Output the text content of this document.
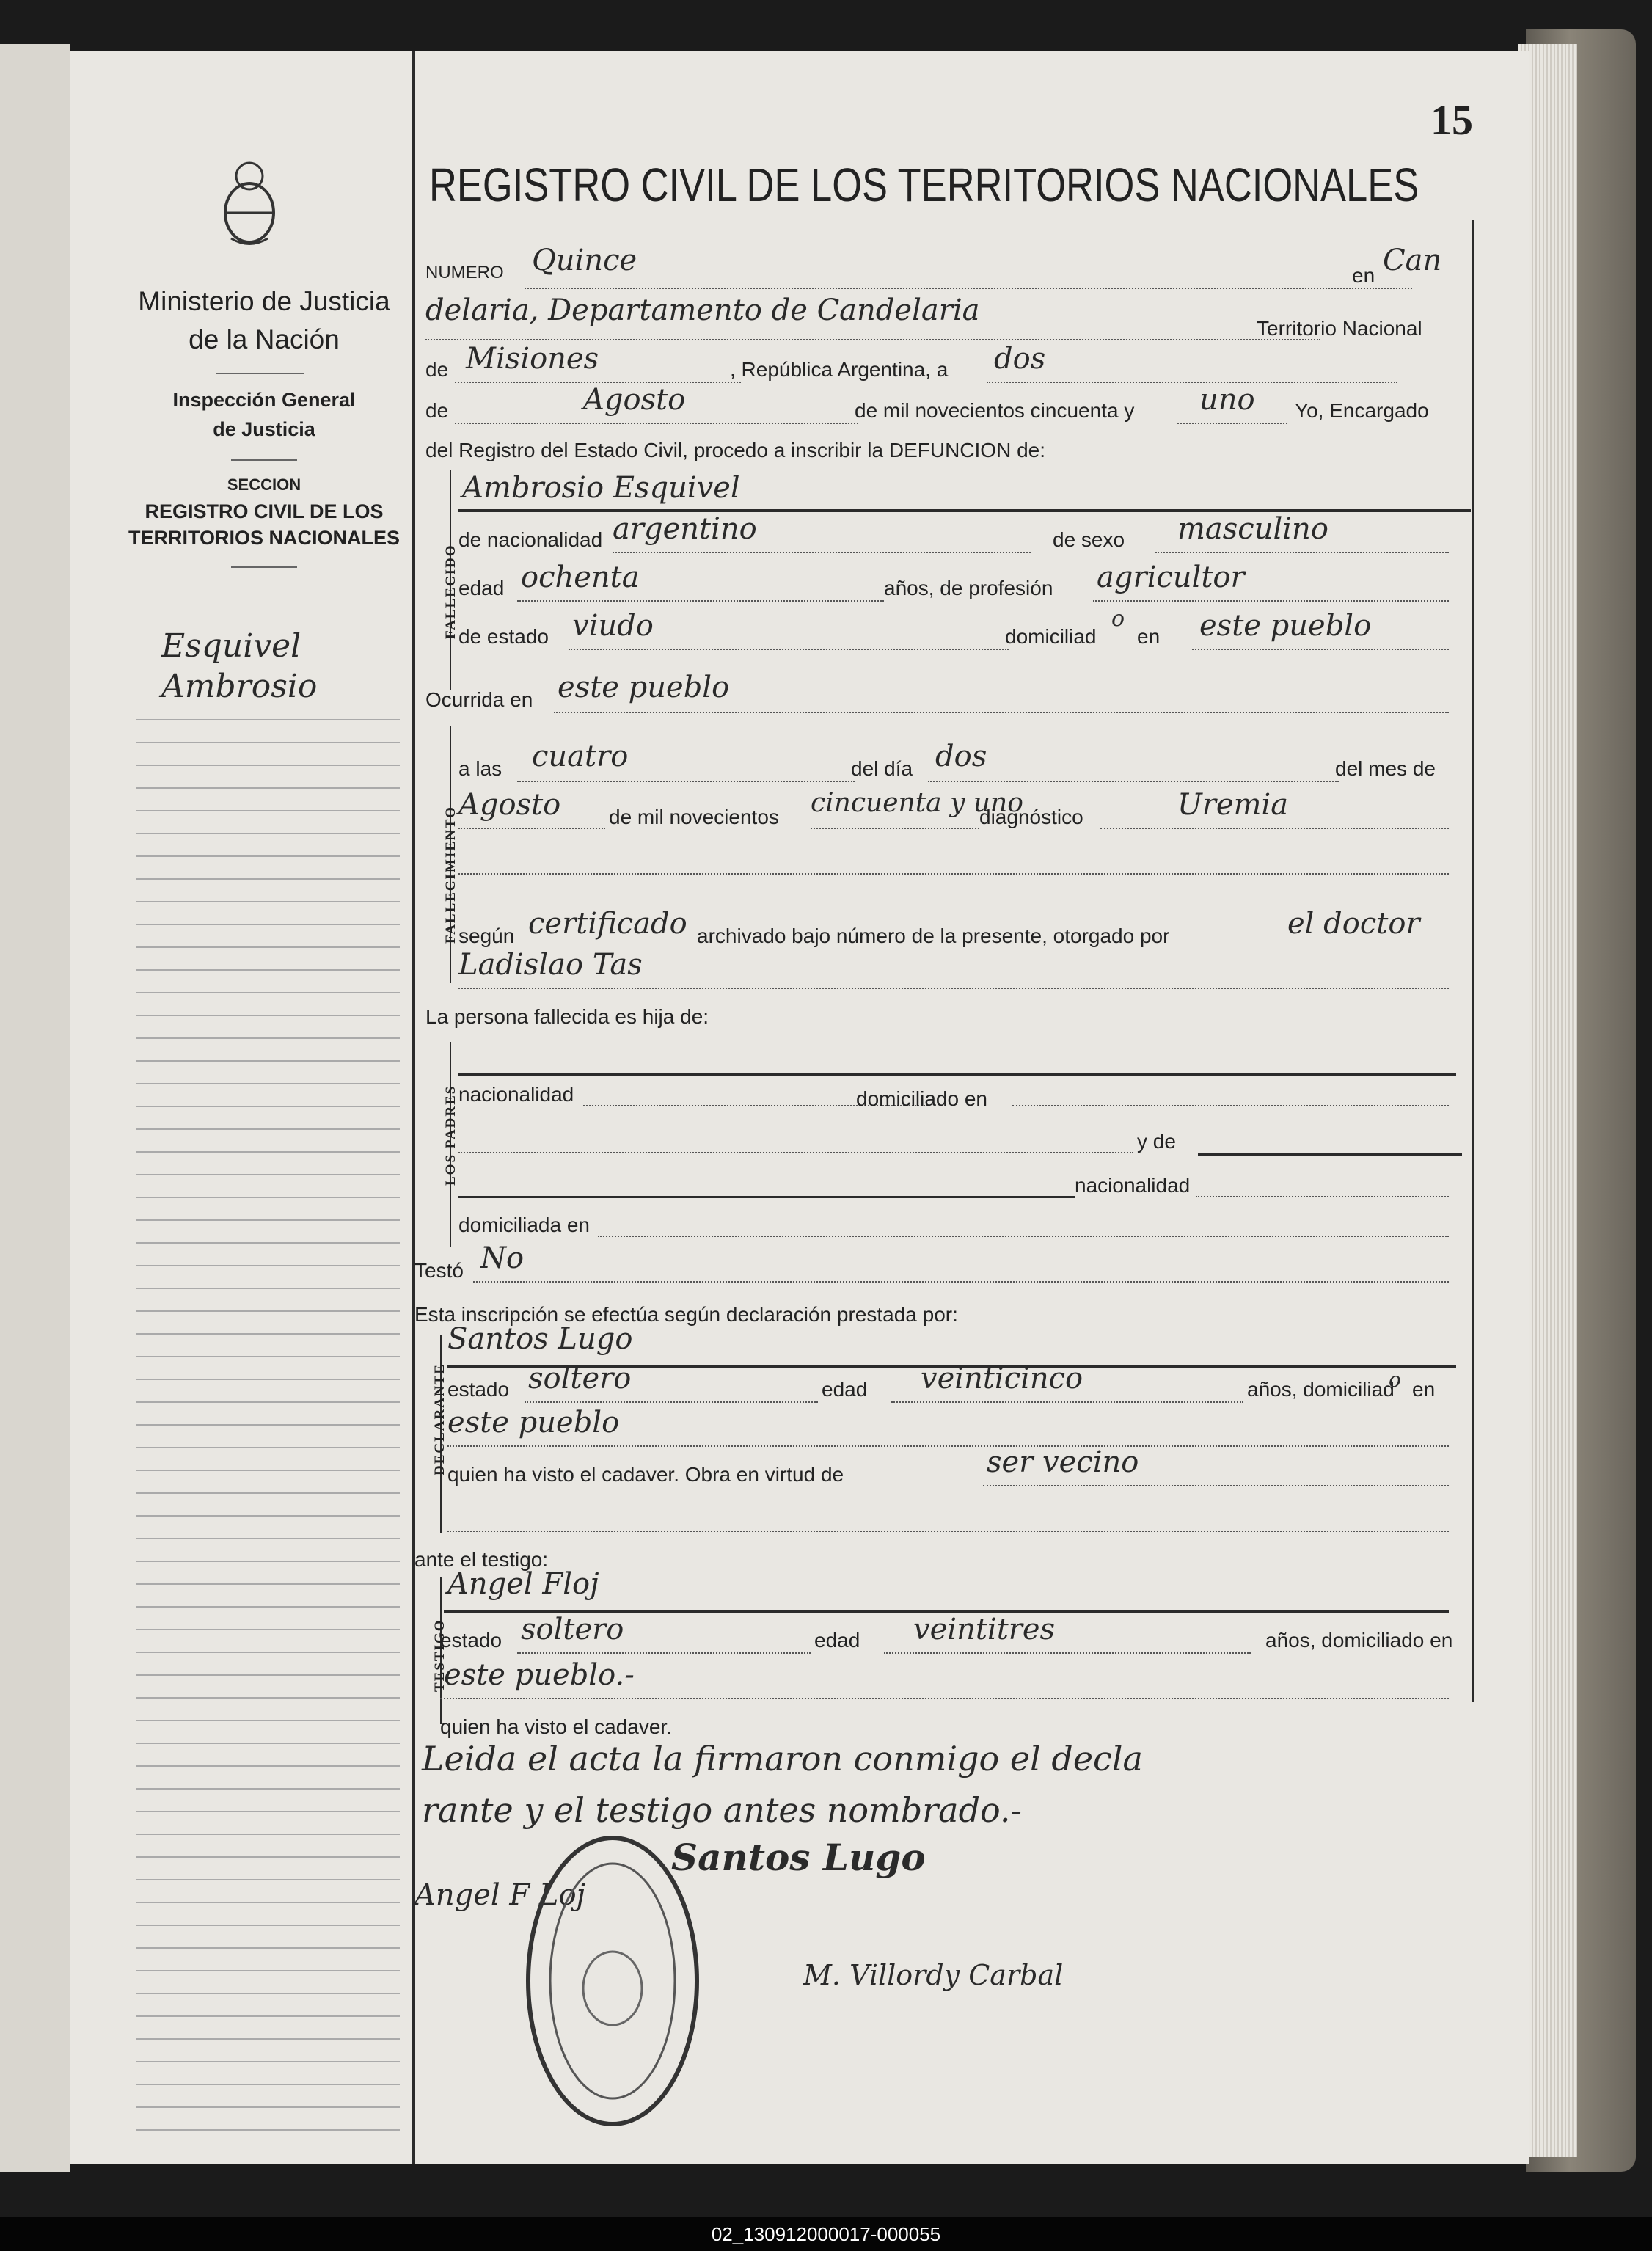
15
Ministerio de Justicia
de la Nación
Inspección General
de Justicia
SECCION
REGISTRO CIVIL DE LOS
TERRITORIOS NACIONALES
Esquivel
Ambrosio
REGISTRO CIVIL DE LOS TERRITORIOS NACIONALES
NUMERO Quince	en Can
delaria, Departamento de Candelaria
Territorio Nacional
de Misiones	, República Argentina, a dos
de	Agosto	de mil novecientos cincuenta y uno Yo, Encargado
del Registro del Estado Civil, procedo a inscribir la DEFUNCION de:
FALLECIDO
Ambrosio Esquivel
de nacionalidad argentino	de sexo masculino
edad ochenta	años, de profesión agricultor
de estado viudo	domiciliad
o
en este pueblo
Ocurrida en este pueblo
FALLECIMIENTO
a las cuatro	del día dos	del mes de
Agosto de mil novecientos cincuenta y uno
diagnóstico	Uremia
según certificado archivado bajo número de la presente, otorgado por	el doctor
Ladislao Tas
La persona fallecida es hija de:
LOS PADRES nacionalidad	domiciliado en
y de
nacionalidad
domiciliada en
Testó No
Esta inscripción se efectúa según declaración prestada por:
DECLARANTE
Santos Lugo
estado soltero	edad veinticinco	años, domiciliad
o en
este pueblo
quien ha visto el cadaver. Obra en virtud de	ser vecino
ante el testigo:
TESTIGO
Angel Floj
estado soltero	edad veintitres	años, domiciliado en
este pueblo.-
quien ha visto el cadaver.
Leida el acta la firmaron conmigo el decla
rante y el testigo antes nombrado.-
Santos Lugo
Angel F Loj
M. Villordy Carbal
02_130912000017-000055
